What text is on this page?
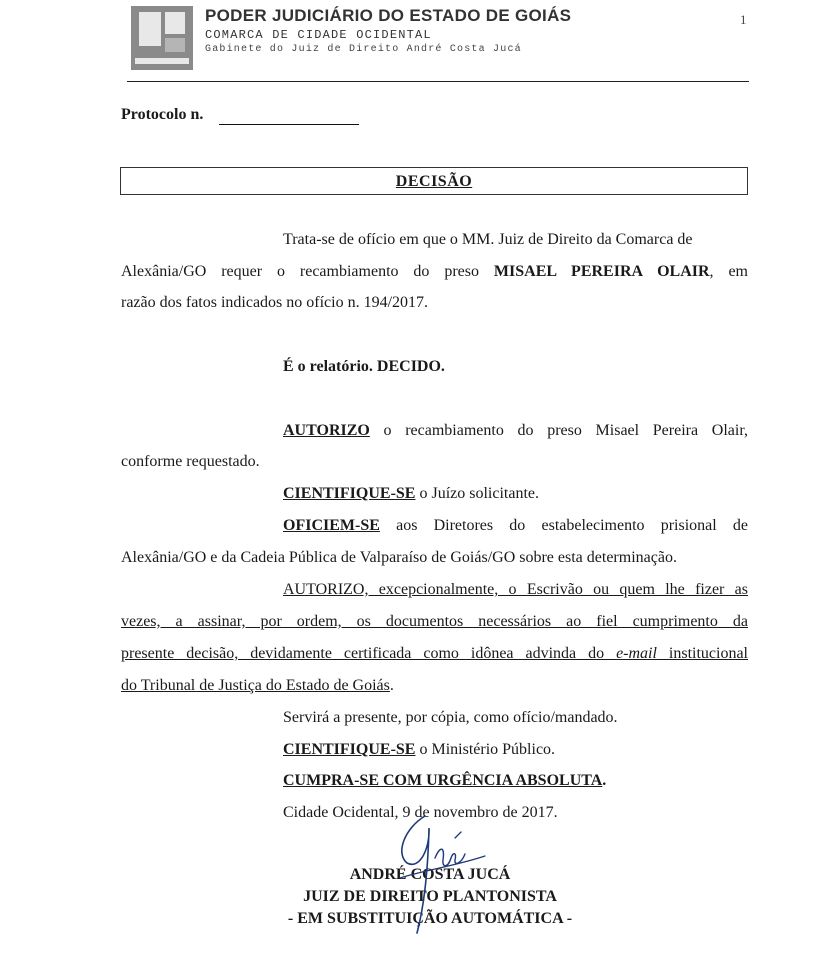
PODER JUDICIÁRIO DO ESTADO DE GOIÁS
COMARCA DE CIDADE OCIDENTAL
Gabinete do Juiz de Direito André Costa Jucá
1
Protocolo n.
DECISÃO
Trata-se de ofício em que o MM. Juiz de Direito da Comarca de
Alexânia/GO requer o recambiamento do preso MISAEL PEREIRA OLAIR, em
razão dos fatos indicados no ofício n. 194/2017.
É o relatório. DECIDO.
AUTORIZO o recambiamento do preso Misael Pereira Olair,
conforme requestado.
CIENTIFIQUE-SE o Juízo solicitante.
OFICIEM-SE aos Diretores do estabelecimento prisional de
Alexânia/GO e da Cadeia Pública de Valparaíso de Goiás/GO sobre esta determinação.
AUTORIZO, excepcionalmente, o Escrivão ou quem lhe fizer as
vezes, a assinar, por ordem, os documentos necessários ao fiel cumprimento da
presente decisão, devidamente certificada como idônea advinda do e-mail institucional
do Tribunal de Justiça do Estado de Goiás.
Servirá a presente, por cópia, como ofício/mandado.
CIENTIFIQUE-SE o Ministério Público.
CUMPRA-SE COM URGÊNCIA ABSOLUTA.
Cidade Ocidental, 9 de novembro de 2017.
ANDRÉ COSTA JUCÁ
JUIZ DE DIREITO PLANTONISTA
- EM SUBSTITUIÇÃO AUTOMÁTICA -
